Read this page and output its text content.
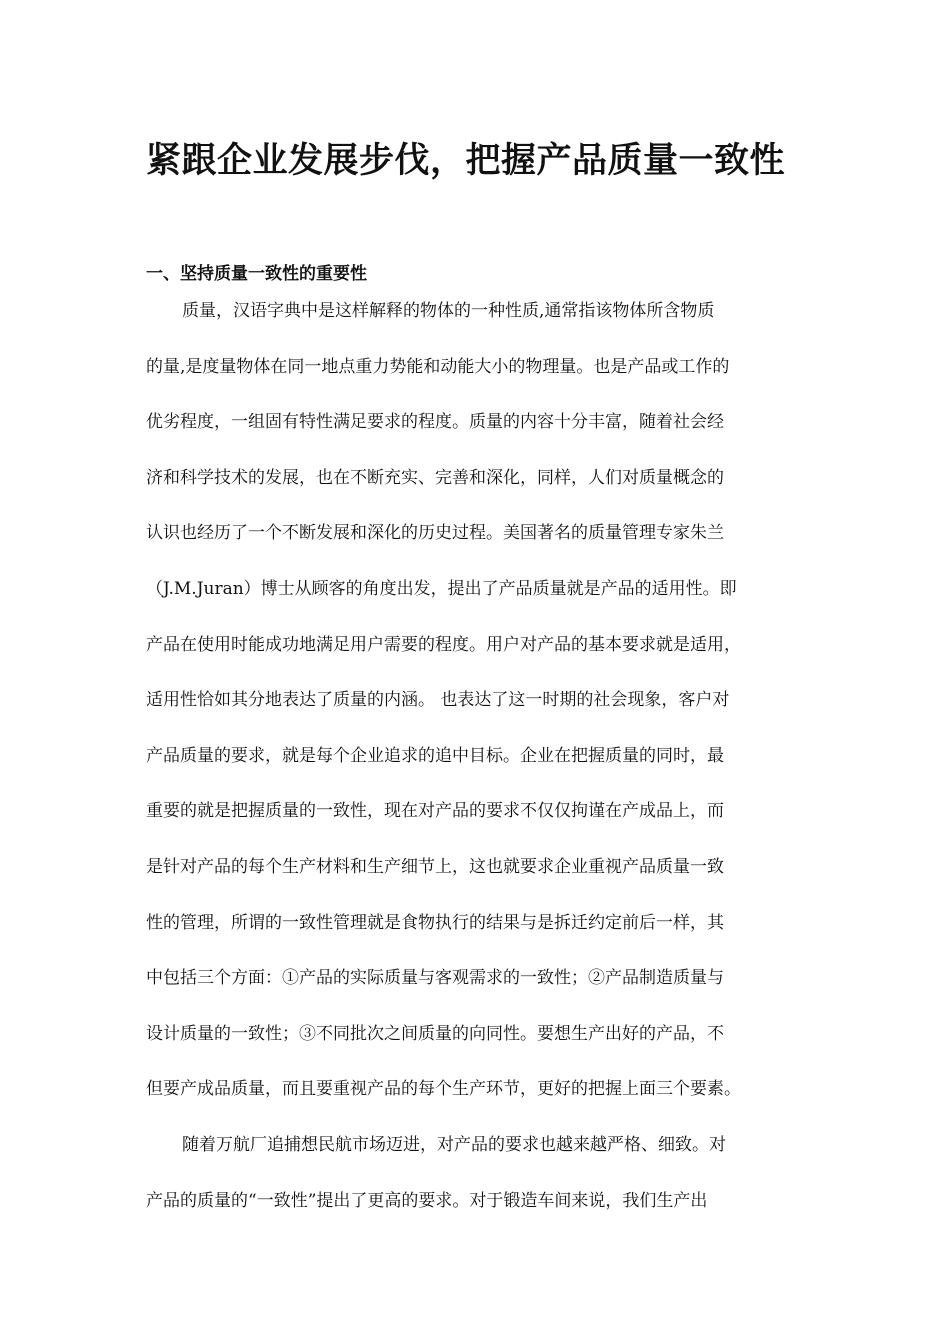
紧跟企业发展步伐，把握产品质量一致性
一、坚持质量一致性的重要性
质量，汉语字典中是这样解释的物体的一种性质,通常指该物体所含物质
的量,是度量物体在同一地点重力势能和动能大小的物理量。也是产品或工作的
优劣程度，一组固有特性满足要求的程度。质量的内容十分丰富，随着社会经
济和科学技术的发展，也在不断充实、完善和深化，同样，人们对质量概念的
认识也经历了一个不断发展和深化的历史过程。美国著名的质量管理专家朱兰
（J.M.Juran）博士从顾客的角度出发，提出了产品质量就是产品的适用性。即
产品在使用时能成功地满足用户需要的程度。用户对产品的基本要求就是适用，
适用性恰如其分地表达了质量的内涵。 也表达了这一时期的社会现象，客户对
产品质量的要求，就是每个企业追求的追中目标。企业在把握质量的同时，最
重要的就是把握质量的一致性，现在对产品的要求不仅仅拘谨在产成品上，而
是针对产品的每个生产材料和生产细节上，这也就要求企业重视产品质量一致
性的管理，所谓的一致性管理就是食物执行的结果与是拆迁约定前后一样，其
中包括三个方面：①产品的实际质量与客观需求的一致性；②产品制造质量与
设计质量的一致性；③不同批次之间质量的向同性。要想生产出好的产品，不
但要产成品质量，而且要重视产品的每个生产环节，更好的把握上面三个要素。
随着万航厂追捕想民航市场迈进，对产品的要求也越来越严格、细致。对
产品的质量的“一致性”提出了更高的要求。对于锻造车间来说，我们生产出
